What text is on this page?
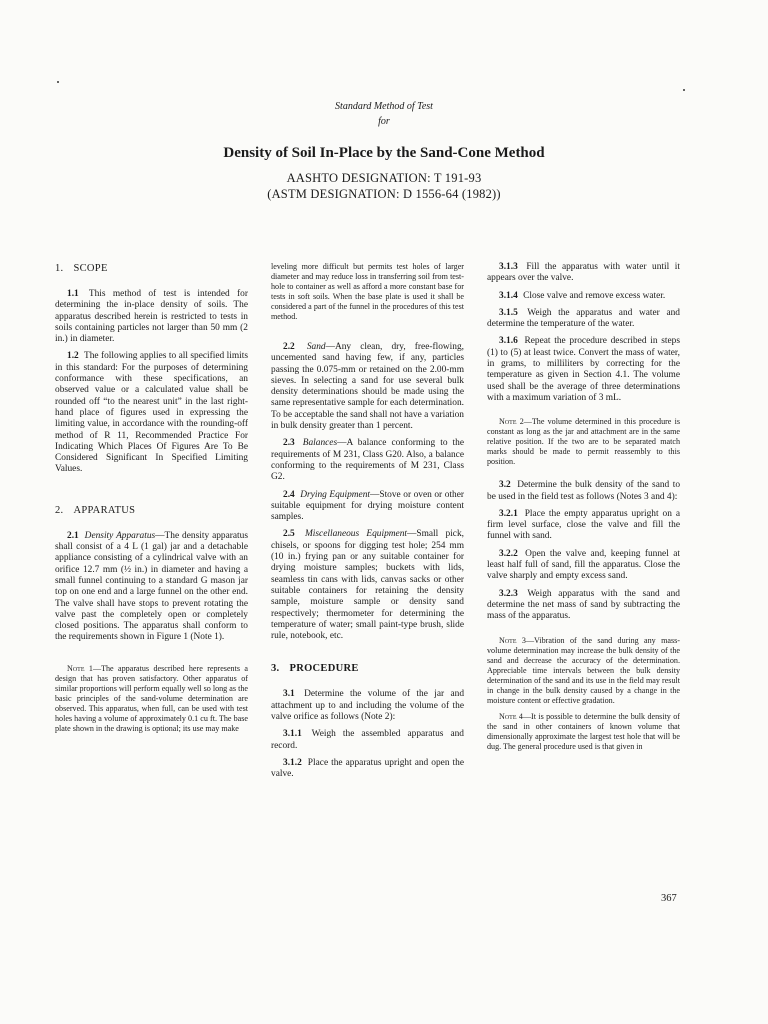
Standard Method of Test
for
Density of Soil In-Place by the Sand-Cone Method
AASHTO DESIGNATION: T 191-93
(ASTM DESIGNATION: D 1556-64 (1982))
1. SCOPE

1.1 This method of test is intended for determining the in-place density of soils. The apparatus described herein is restricted to tests in soils containing particles not larger than 50 mm (2 in.) in diameter.

1.2 The following applies to all specified limits in this standard: For the purposes of determining conformance with these specifications, an observed value or a calculated value shall be rounded off “to the nearest unit” in the last right-hand place of figures used in expressing the limiting value, in accordance with the rounding-off method of R 11, Recommended Practice For Indicating Which Places Of Figures Are To Be Considered Significant In Specified Limiting Values.

2. APPARATUS

2.1 Density Apparatus—The density apparatus shall consist of a 4 L (1 gal) jar and a detachable appliance consisting of a cylindrical valve with an orifice 12.7 mm (½ in.) in diameter and having a small funnel continuing to a standard G mason jar top on one end and a large funnel on the other end. The valve shall have stops to prevent rotating the valve past the completely open or completely closed positions. The apparatus shall conform to the requirements shown in Figure 1 (Note 1).

Note 1—The apparatus described here represents a design that has proven satisfactory. Other apparatus of similar proportions will perform equally well so long as the basic principles of the sand-volume determination are observed. This apparatus, when full, can be used with test holes having a volume of approximately 0.1 cu ft. The base plate shown in the drawing is optional; its use may make

leveling more difficult but permits test holes of larger diameter and may reduce loss in transferring soil from test-hole to container as well as afford a more constant base for tests in soft soils. When the base plate is used it shall be considered a part of the funnel in the procedures of this test method.

2.2 Sand—Any clean, dry, free-flowing, uncemented sand having few, if any, particles passing the 0.075-mm or retained on the 2.00-mm sieves. In selecting a sand for use several bulk density determinations should be made using the same representative sample for each determination. To be acceptable the sand shall not have a variation in bulk density greater than 1 percent.

2.3 Balances—A balance conforming to the requirements of M 231, Class G20. Also, a balance conforming to the requirements of M 231, Class G2.

2.4 Drying Equipment—Stove or oven or other suitable equipment for drying moisture content samples.

2.5 Miscellaneous Equipment—Small pick, chisels, or spoons for digging test hole; 254 mm (10 in.) frying pan or any suitable container for drying moisture samples; buckets with lids, seamless tin cans with lids, canvas sacks or other suitable containers for retaining the density sample, moisture sample or density sand respectively; thermometer for determining the temperature of water; small paint-type brush, slide rule, notebook, etc.

3. PROCEDURE

3.1 Determine the volume of the jar and attachment up to and including the volume of the valve orifice as follows (Note 2):

3.1.1 Weigh the assembled apparatus and record.

3.1.2 Place the apparatus upright and open the valve.

3.1.3 Fill the apparatus with water until it appears over the valve.

3.1.4 Close valve and remove excess water.

3.1.5 Weigh the apparatus and water and determine the temperature of the water.

3.1.6 Repeat the procedure described in steps (1) to (5) at least twice. Convert the mass of water, in grams, to milliliters by correcting for the temperature as given in Section 4.1. The volume used shall be the average of three determinations with a maximum variation of 3 mL.

Note 2—The volume determined in this procedure is constant as long as the jar and attachment are in the same relative position. If the two are to be separated match marks should be made to permit reassembly to this position.

3.2 Determine the bulk density of the sand to be used in the field test as follows (Notes 3 and 4):

3.2.1 Place the empty apparatus upright on a firm level surface, close the valve and fill the funnel with sand.

3.2.2 Open the valve and, keeping funnel at least half full of sand, fill the apparatus. Close the valve sharply and empty excess sand.

3.2.3 Weigh apparatus with the sand and determine the net mass of sand by subtracting the mass of the apparatus.

Note 3—Vibration of the sand during any mass-volume determination may increase the bulk density of the sand and decrease the accuracy of the determination. Appreciable time intervals between the bulk density determination of the sand and its use in the field may result in change in the bulk density caused by a change in the moisture content or effective gradation.

Note 4—It is possible to determine the bulk density of the sand in other containers of known volume that dimensionally approximate the largest test hole that will be dug. The general procedure used is that given in

367
